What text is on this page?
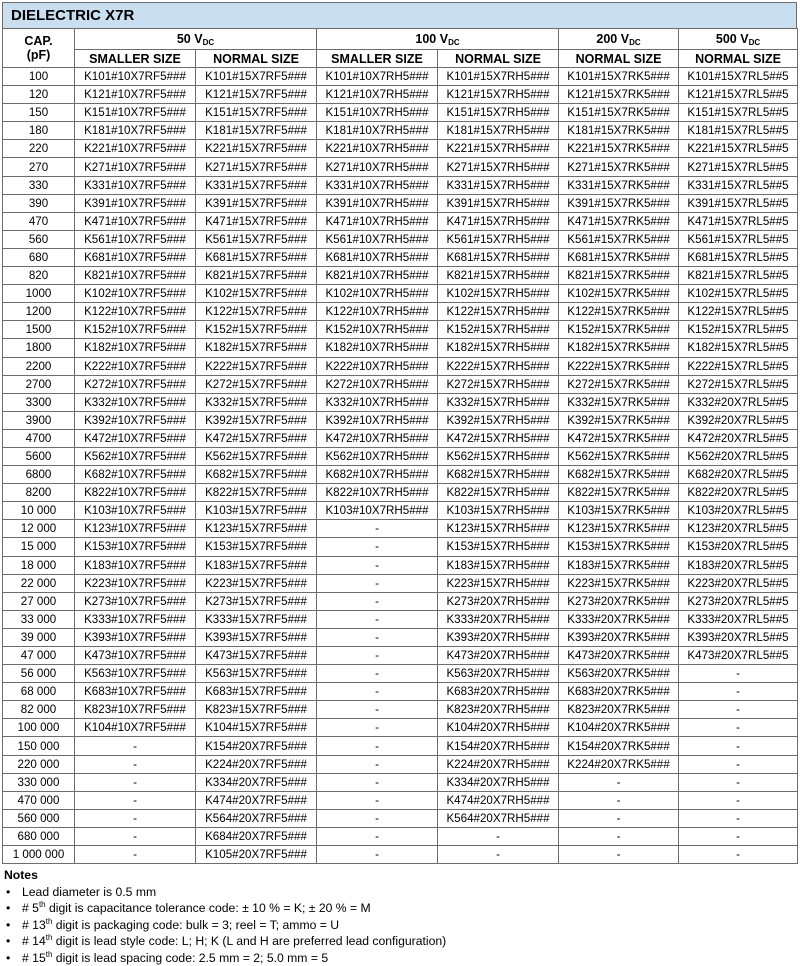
DIELECTRIC X7R
CAP.
(pF)	50 $V_{DC}$		100 $V_{DC}$		200 $V_{DC}$	500 $V_{DC}$
	SMALLER SIZE	NORMAL SIZE	SMALLER SIZE	NORMAL SIZE	NORMAL SIZE	NORMAL SIZE
100	K101#10X7RF5###	K101#15X7RF5###	K101#10X7RH5###	K101#15X7RH5###	K101#15X7RK5###	K101#15X7RL5##5
120	K121#10X7RF5###	K121#15X7RF5###	K121#10X7RH5###	K121#15X7RH5###	K121#15X7RK5###	K121#15X7RL5##5
150	K151#10X7RF5###	K151#15X7RF5###	K151#10X7RH5###	K151#15X7RH5###	K151#15X7RK5###	K151#15X7RL5##5
180	K181#10X7RF5###	K181#15X7RF5###	K181#10X7RH5###	K181#15X7RH5###	K181#15X7RK5###	K181#15X7RL5##5
220	K221#10X7RF5###	K221#15X7RF5###	K221#10X7RH5###	K221#15X7RH5###	K221#15X7RK5###	K221#15X7RL5##5
270	K271#10X7RF5###	K271#15X7RF5###	K271#10X7RH5###	K271#15X7RH5###	K271#15X7RK5###	K271#15X7RL5##5
330	K331#10X7RF5###	K331#15X7RF5###	K331#10X7RH5###	K331#15X7RH5###	K331#15X7RK5###	K331#15X7RL5##5
390	K391#10X7RF5###	K391#15X7RF5###	K391#10X7RH5###	K391#15X7RH5###	K391#15X7RK5###	K391#15X7RL5##5
470	K471#10X7RF5###	K471#15X7RF5###	K471#10X7RH5###	K471#15X7RH5###	K471#15X7RK5###	K471#15X7RL5##5
560	K561#10X7RF5###	K561#15X7RF5###	K561#10X7RH5###	K561#15X7RH5###	K561#15X7RK5###	K561#15X7RL5##5
680	K681#10X7RF5###	K681#15X7RF5###	K681#10X7RH5###	K681#15X7RH5###	K681#15X7RK5###	K681#15X7RL5##5
820	K821#10X7RF5###	K821#15X7RF5###	K821#10X7RH5###	K821#15X7RH5###	K821#15X7RK5###	K821#15X7RL5##5
1000	K102#10X7RF5###	K102#15X7RF5###	K102#10X7RH5###	K102#15X7RH5###	K102#15X7RK5###	K102#15X7RL5##5
1200	K122#10X7RF5###	K122#15X7RF5###	K122#10X7RH5###	K122#15X7RH5###	K122#15X7RK5###	K122#15X7RL5##5
1500	K152#10X7RF5###	K152#15X7RF5###	K152#10X7RH5###	K152#15X7RH5###	K152#15X7RK5###	K152#15X7RL5##5
1800	K182#10X7RF5###	K182#15X7RF5###	K182#10X7RH5###	K182#15X7RH5###	K182#15X7RK5###	K182#15X7RL5##5
2200	K222#10X7RF5###	K222#15X7RF5###	K222#10X7RH5###	K222#15X7RH5###	K222#15X7RK5###	K222#15X7RL5##5
2700	K272#10X7RF5###	K272#15X7RF5###	K272#10X7RH5###	K272#15X7RH5###	K272#15X7RK5###	K272#15X7RL5##5
3300	K332#10X7RF5###	K332#15X7RF5###	K332#10X7RH5###	K332#15X7RH5###	K332#15X7RK5###	K332#20X7RL5##5
3900	K392#10X7RF5###	K392#15X7RF5###	K392#10X7RH5###	K392#15X7RH5###	K392#15X7RK5###	K392#20X7RL5##5
4700	K472#10X7RF5###	K472#15X7RF5###	K472#10X7RH5###	K472#15X7RH5###	K472#15X7RK5###	K472#20X7RL5##5
5600	K562#10X7RF5###	K562#15X7RF5###	K562#10X7RH5###	K562#15X7RH5###	K562#15X7RK5###	K562#20X7RL5##5
6800	K682#10X7RF5###	K682#15X7RF5###	K682#10X7RH5###	K682#15X7RH5###	K682#15X7RK5###	K682#20X7RL5##5
8200	K822#10X7RF5###	K822#15X7RF5###	K822#10X7RH5###	K822#15X7RH5###	K822#15X7RK5###	K822#20X7RL5##5
10 000	K103#10X7RF5###	K103#15X7RF5###	K103#10X7RH5###	K103#15X7RH5###	K103#15X7RK5###	K103#20X7RL5##5
12 000	K123#10X7RF5###	K123#15X7RF5###	-	K123#15X7RH5###	K123#15X7RK5###	K123#20X7RL5##5
15 000	K153#10X7RF5###	K153#15X7RF5###	-	K153#15X7RH5###	K153#15X7RK5###	K153#20X7RL5##5
18 000	K183#10X7RF5###	K183#15X7RF5###	-	K183#15X7RH5###	K183#15X7RK5###	K183#20X7RL5##5
22 000	K223#10X7RF5###	K223#15X7RF5###	-	K223#15X7RH5###	K223#15X7RK5###	K223#20X7RL5##5
27 000	K273#10X7RF5###	K273#15X7RF5###	-	K273#20X7RH5###	K273#20X7RK5###	K273#20X7RL5##5
33 000	K333#10X7RF5###	K333#15X7RF5###	-	K333#20X7RH5###	K333#20X7RK5###	K333#20X7RL5##5
39 000	K393#10X7RF5###	K393#15X7RF5###	-	K393#20X7RH5###	K393#20X7RK5###	K393#20X7RL5##5
47 000	K473#10X7RF5###	K473#15X7RF5###	-	K473#20X7RH5###	K473#20X7RK5###	K473#20X7RL5##5
56 000	K563#10X7RF5###	K563#15X7RF5###	-	K563#20X7RH5###	K563#20X7RK5###	-
68 000	K683#10X7RF5###	K683#15X7RF5###	-	K683#20X7RH5###	K683#20X7RK5###	-
82 000	K823#10X7RF5###	K823#15X7RF5###	-	K823#20X7RH5###	K823#20X7RK5###	-
100 000	K104#10X7RF5###	K104#15X7RF5###	-	K104#20X7RH5###	K104#20X7RK5###	-
150 000	-	K154#20X7RF5###	-	K154#20X7RH5###	K154#20X7RK5###	-
220 000	-	K224#20X7RF5###	-	K224#20X7RH5###	K224#20X7RK5###	-
330 000	-	K334#20X7RF5###	-	K334#20X7RH5###	-	-
470 000	-	K474#20X7RF5###	-	K474#20X7RH5###	-	-
560 000	-	K564#20X7RF5###	-	K564#20X7RH5###	-	-
680 000	-	K684#20X7RF5###	-	-	-	-
1 000 000	-	K105#20X7RF5###	-	-	-	-
Notes
• Lead diameter is 0.5 mm
• # 5th digit is capacitance tolerance code: ± 10 % = K; ± 20 % = M
• # 13th digit is packaging code: bulk = 3; reel = T; ammo = U
• # 14th digit is lead style code: L; H; K (L and H are preferred lead configuration)
• # 15th digit is lead spacing code: 2.5 mm = 2; 5.0 mm = 5
